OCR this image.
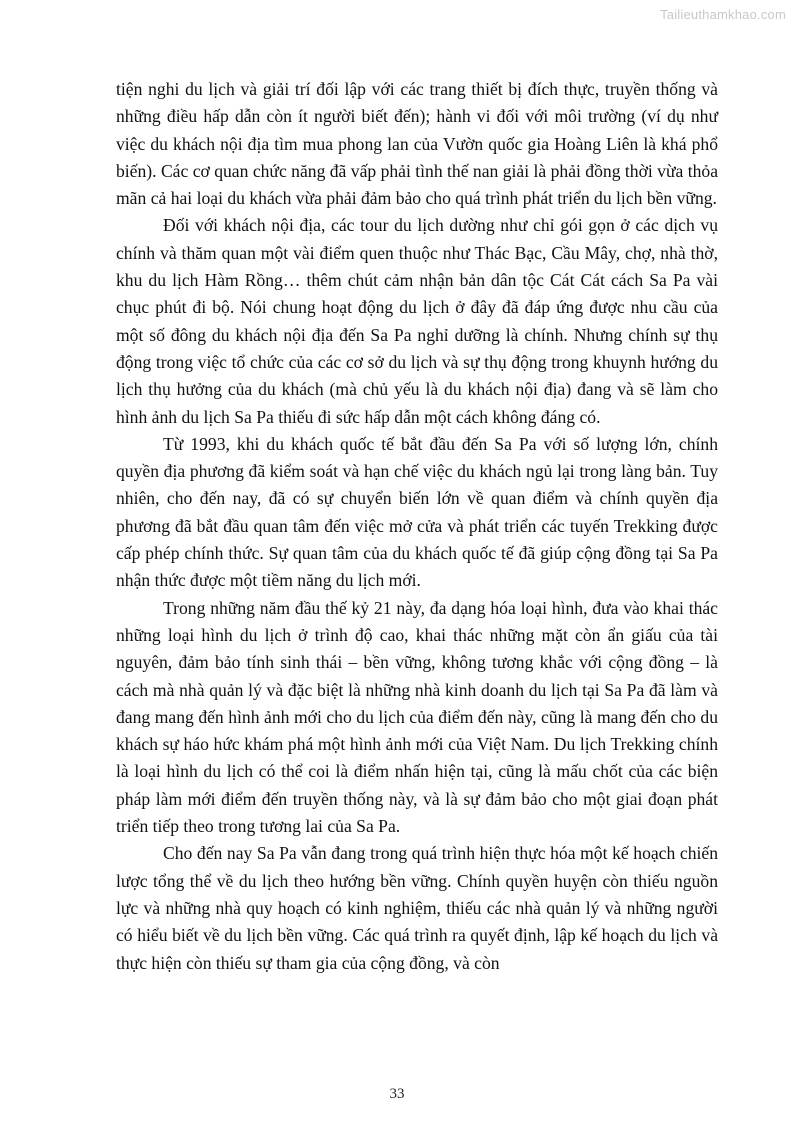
Tailieuthamkhao.com

tiện nghi du lịch và giải trí đối lập với các trang thiết bị đích thực, truyền thống và những điều hấp dẫn còn ít người biết đến); hành vi đối với môi trường (ví dụ như việc du khách nội địa tìm mua phong lan của Vườn quốc gia Hoàng Liên là khá phổ biến). Các cơ quan chức năng đã vấp phải tình thế nan giải là phải đồng thời vừa thỏa mãn cả hai loại du khách vừa phải đảm bảo cho quá trình phát triển du lịch bền vững.

Đối với khách nội địa, các tour du lịch dường như chỉ gói gọn ở các dịch vụ chính và thăm quan một vài điểm quen thuộc như Thác Bạc, Cầu Mây, chợ, nhà thờ, khu du lịch Hàm Rồng… thêm chút cảm nhận bản dân tộc Cát Cát cách Sa Pa vài chục phút đi bộ. Nói chung hoạt động du lịch ở đây đã đáp ứng được nhu cầu của một số đông du khách nội địa đến Sa Pa nghỉ dưỡng là chính. Nhưng chính sự thụ động trong việc tổ chức của các cơ sở du lịch và sự thụ động trong khuynh hướng du lịch thụ hưởng của du khách (mà chủ yếu là du khách nội địa) đang và sẽ làm cho hình ảnh du lịch Sa Pa thiếu đi sức hấp dẫn một cách không đáng có.

Từ 1993, khi du khách quốc tế bắt đầu đến Sa Pa với số lượng lớn, chính quyền địa phương đã kiểm soát và hạn chế việc du khách ngủ lại trong làng bản. Tuy nhiên, cho đến nay, đã có sự chuyển biến lớn về quan điểm và chính quyền địa phương đã bắt đầu quan tâm đến việc mở cửa và phát triển các tuyến Trekking được cấp phép chính thức. Sự quan tâm của du khách quốc tế đã giúp cộng đồng tại Sa Pa nhận thức được một tiềm năng du lịch mới.

Trong những năm đầu thế kỷ 21 này, đa dạng hóa loại hình, đưa vào khai thác những loại hình du lịch ở trình độ cao, khai thác những mặt còn ẩn giấu của tài nguyên, đảm bảo tính sinh thái – bền vững, không tương khắc với cộng đồng – là cách mà nhà quản lý và đặc biệt là những nhà kinh doanh du lịch tại Sa Pa đã làm và đang mang đến hình ảnh mới cho du lịch của điểm đến này, cũng là mang đến cho du khách sự háo hức khám phá một hình ảnh mới của Việt Nam. Du lịch Trekking chính là loại hình du lịch có thể coi là điểm nhấn hiện tại, cũng là mấu chốt của các biện pháp làm mới điểm đến truyền thống này, và là sự đảm bảo cho một giai đoạn phát triển tiếp theo trong tương lai của Sa Pa.

Cho đến nay Sa Pa vẫn đang trong quá trình hiện thực hóa một kế hoạch chiến lược tổng thể về du lịch theo hướng bền vững. Chính quyền huyện còn thiếu nguồn lực và những nhà quy hoạch có kinh nghiệm, thiếu các nhà quản lý và những người có hiểu biết về du lịch bền vững. Các quá trình ra quyết định, lập kế hoạch du lịch và thực hiện còn thiếu sự tham gia của cộng đồng, và còn

33
